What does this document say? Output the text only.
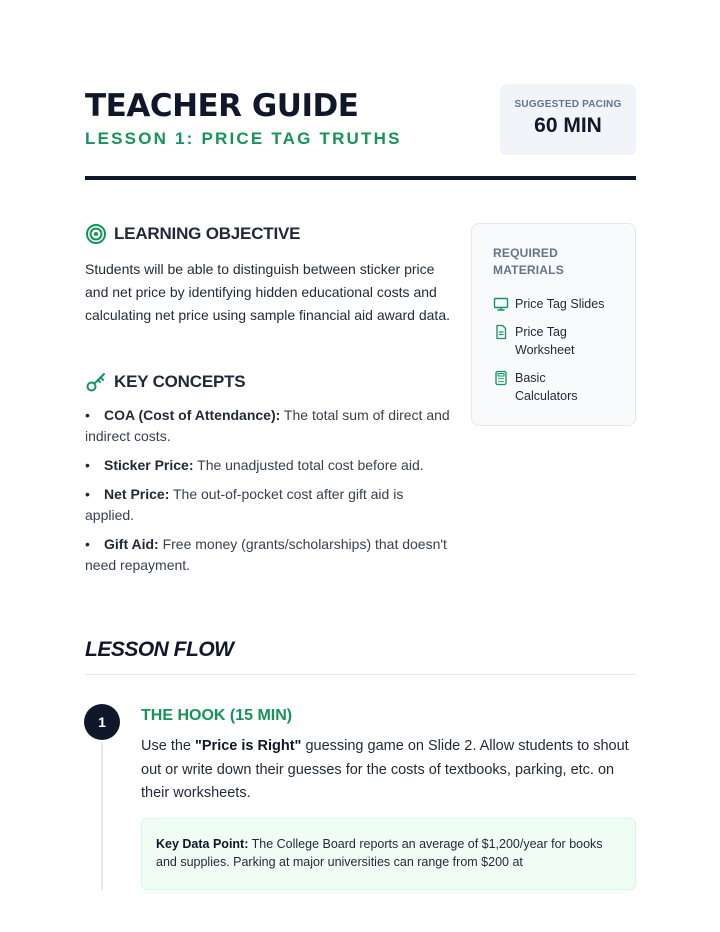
TEACHER GUIDE
LESSON 1: PRICE TAG TRUTHS
SUGGESTED PACING
60 MIN
LEARNING OBJECTIVE

Students will be able to distinguish between sticker price and net price by identifying hidden educational costs and calculating net price using sample financial aid award data.

KEY CONCEPTS
• COA (Cost of Attendance): The total sum of direct and indirect costs.
• Sticker Price: The unadjusted total cost before aid.
• Net Price: The out-of-pocket cost after gift aid is applied.
• Gift Aid: Free money (grants/scholarships) that doesn't need repayment.
REQUIRED MATERIALS
Price Tag Slides
Price Tag Worksheet
Basic Calculators
LESSON FLOW
1	THE HOOK (15 MIN)

Use the "Price is Right" guessing game on Slide 2. Allow students to shout out or write down their guesses for the costs of textbooks, parking, etc. on their worksheets.

Key Data Point: The College Board reports an average of $1,200/year for books and supplies. Parking at major universities can range from $200 at
